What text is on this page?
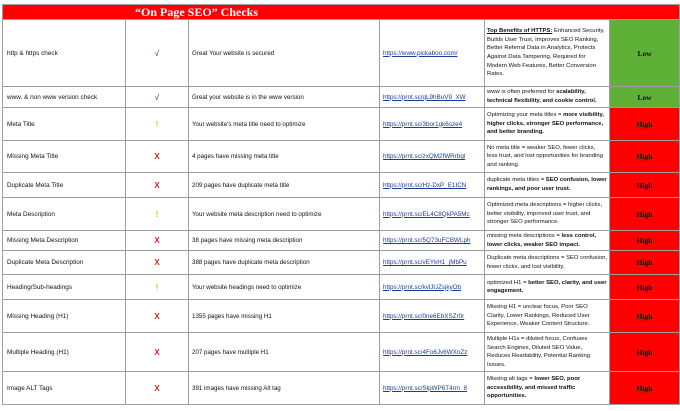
“On Page SEO” Checks					

http & https check	√	Great Your website is secured	https://www.pickaboo.com/	Top Benefits of HTTPS: Enhanced Security, Builds User Trust, Improves SEO Ranking, Better Referral Data in Analytics, Protects Against Data Tampering, Required for Modern Web Features, Better Conversion Rates.	Low
www. & non www version check	√	Great your website is in the www version	https://prnt.sc/qL9hBuV9_XW	www is often preferred for scalability, technical flexibility, and cookie control.	Low
Meta Title	!	Your website's meta title need to optimize	https://prnt.sc/3bor1gk6sze4	Optimizing your meta titles = more visibility, higher clicks, stronger SEO performance, and better branding.	High
Missing Meta Title	X	4 pages have missing meta title	https://prnt.sc/zxQM2fWRrbgl	No meta title = weaker SEO, fewer clicks, less trust, and lost opportunities for branding and ranking.	High
Duplicate Meta Title	X	209 pages have duplicate meta title	https://prnt.sc/Hz-DxP_E1ICN	duplicate meta titles = SEO confusion, lower rankings, and poor user trust.	High
Meta Description	!	Your website meta description need to optimize	https://prnt.sc/EL4C8QkPA5Mc	Optimized meta descriptions = higher clicks, better visibility, improved user trust, and stronger SEO performance.	High
Missing Meta Description	X	38 pages have missing meta description	https://prnt.sc/5Q73uFCBWLph	missing meta descriptions = less control, lower clicks, weaker SEO impact.	High
Duplicate Meta Description	X	388 pages have duplicate meta description	https://prnt.sc/vEYkH1_jMbPu	Duplicate meta descriptions = SEO confusion, fewer clicks, and lost visibility.	High
Heading/Sub-headings	!	Your website headings need to optimize	https://prnt.sc/kvlJUZsjkyOb	optimized H1 = better SEO, clarity, and user engagement.	High
Missing Heading (H1)	X	1355 pages have missing H1	https://prnt.sc/0ne6EbXSZr0r	Missing H1 = unclear focus, Poor SEO Clarity, Lower Rankings, Reduced User Experience, Weaker Content Structure.	High
Multiple Heading (H1)	X	207 pages have multiple H1	https://prnt.sc/4Fo6Jv6WXnZz	Multiple H1s = diluted focus, Confuses Search Engines, Diluted SEO Value, Reduces Readability, Potential Ranking Issues.	High
Image ALT Tags	X	391 images have missing Alt tag	https://prnt.sc/SlpWP6T4rm_8	Missing alt tags = lower SEO, poor accessibility, and missed traffic opportunities.	High
